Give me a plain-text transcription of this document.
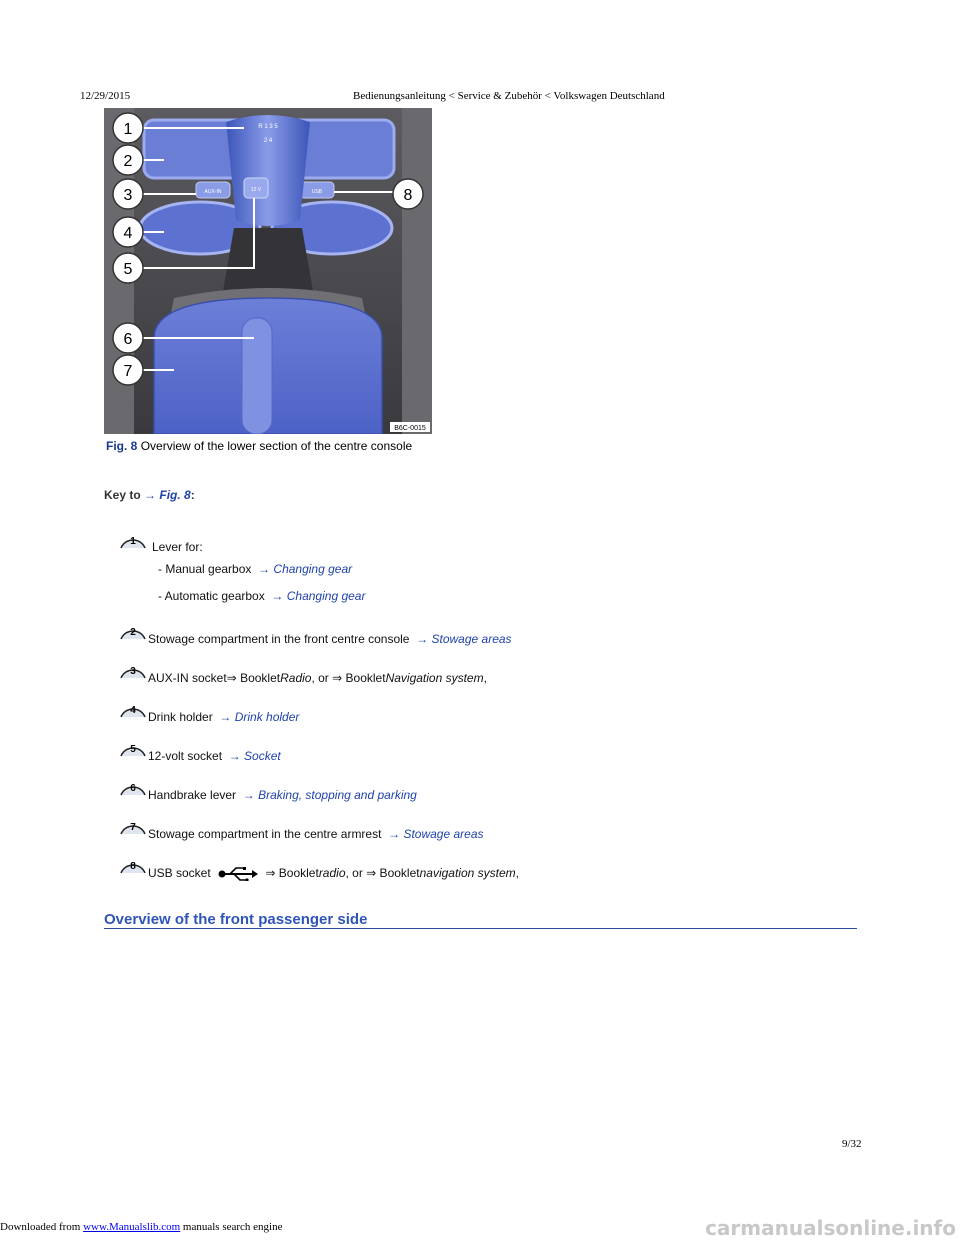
12/29/2015	Bedienungsanleitung < Service & Zubehör < Volkswagen Deutschland
AUX-IN	USB
R 1 3 5
2 4
12 V
B6C-0015
1
2
3
4
5
6
7
8
Fig. 8 Overview of the lower section of the centre console
Key to → Fig. 8:
1 Lever for:
- Manual gearbox → Changing gear
- Automatic gearbox → Changing gear
2 Stowage compartment in the front centre console → Stowage areas
3 AUX-IN socket⇒ BookletRadio, or ⇒ BookletNavigation system,
4 Drink holder → Drink holder
5 12-volt socket → Socket
6 Handbrake lever → Braking, stopping and parking
7 Stowage compartment in the centre armrest → Stowage areas
8 USB socket	⇒ Bookletradio, or ⇒ Bookletnavigation system,
Overview of the front passenger side
9/32
Downloaded from www.Manualslib.com manuals search engine	carmanualsonline.info
